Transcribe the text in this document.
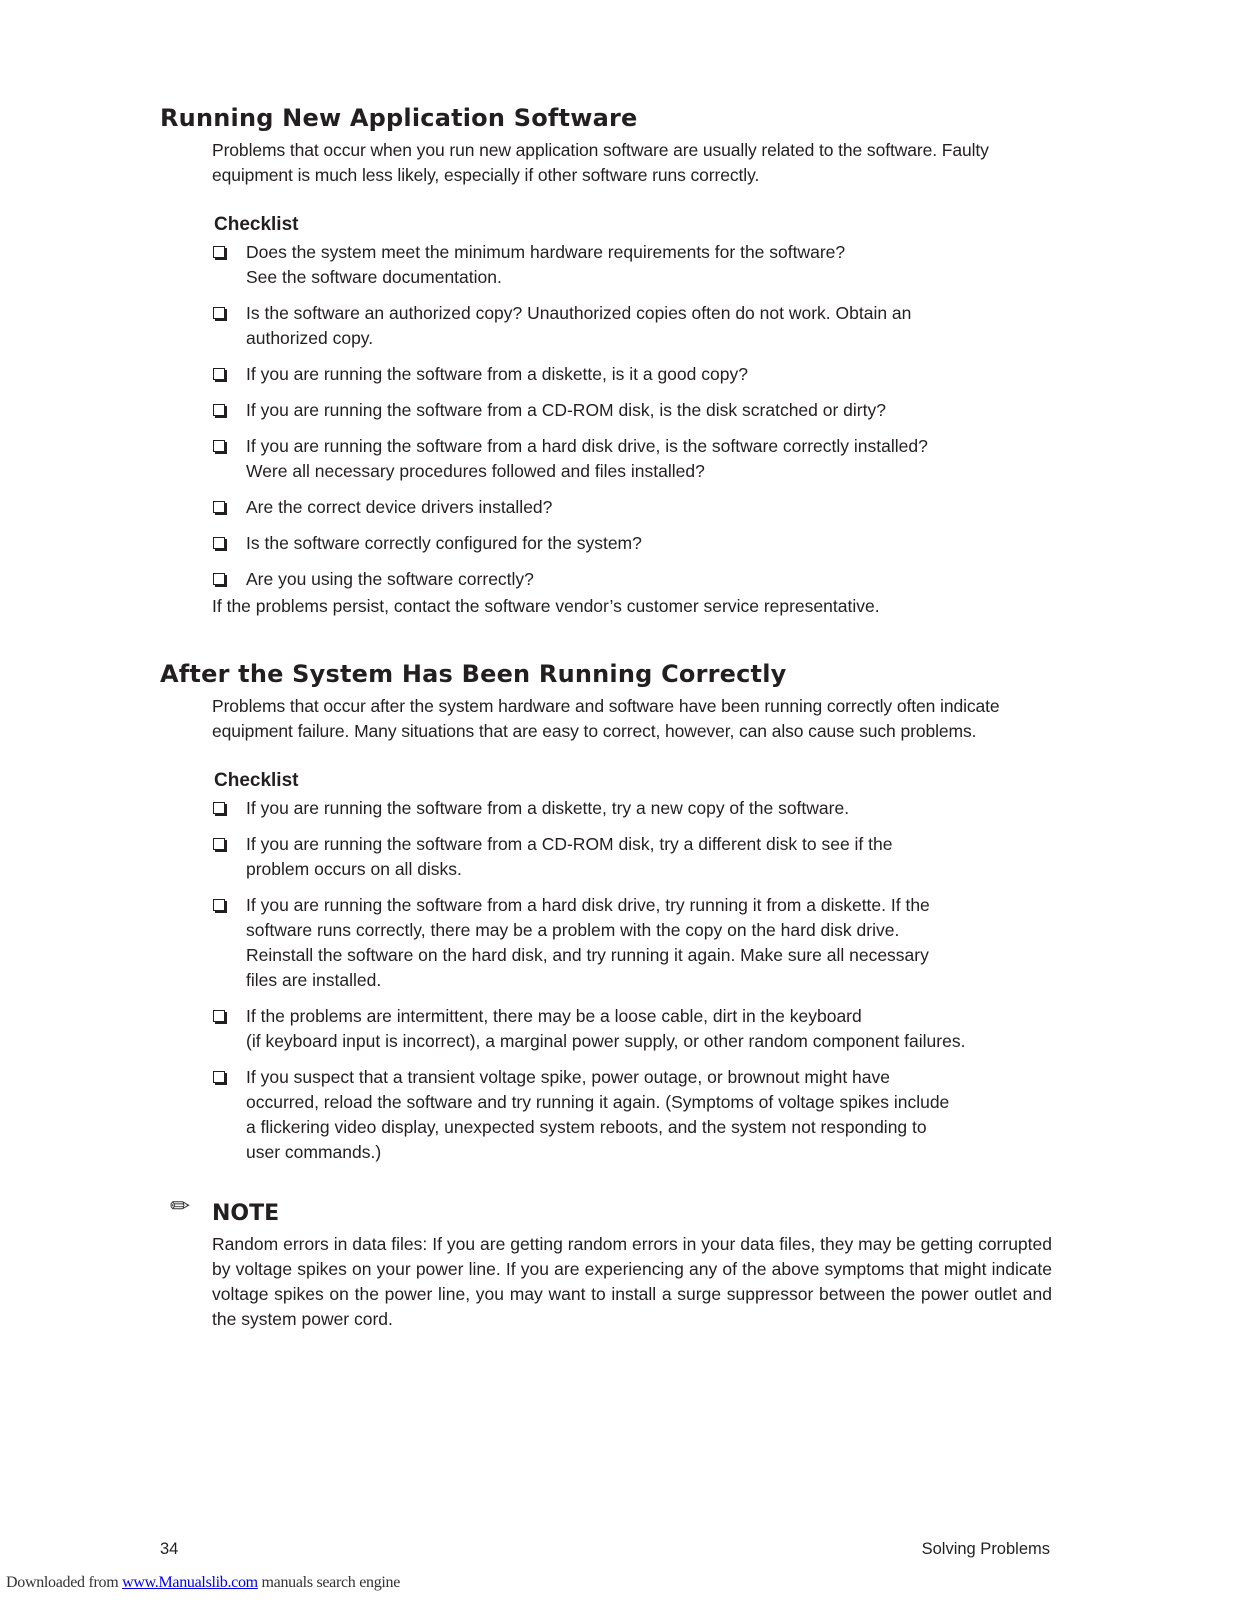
Running New Application Software

Problems that occur when you run new application software are usually related to the software. Faulty
equipment is much less likely, especially if other software runs correctly.

Checklist
Does the system meet the minimum hardware requirements for the software?
See the software documentation.
Is the software an authorized copy? Unauthorized copies often do not work. Obtain an
authorized copy.
If you are running the software from a diskette, is it a good copy?
If you are running the software from a CD-ROM disk, is the disk scratched or dirty?
If you are running the software from a hard disk drive, is the software correctly installed?
Were all necessary procedures followed and files installed?
Are the correct device drivers installed?
Is the software correctly configured for the system?
Are you using the software correctly?

If the problems persist, contact the software vendor’s customer service representative.

After the System Has Been Running Correctly

Problems that occur after the system hardware and software have been running correctly often indicate
equipment failure. Many situations that are easy to correct, however, can also cause such problems.

Checklist
If you are running the software from a diskette, try a new copy of the software.
If you are running the software from a CD-ROM disk, try a different disk to see if the
problem occurs on all disks.
If you are running the software from a hard disk drive, try running it from a diskette. If the
software runs correctly, there may be a problem with the copy on the hard disk drive.
Reinstall the software on the hard disk, and try running it again. Make sure all necessary
files are installed.
If the problems are intermittent, there may be a loose cable, dirt in the keyboard
(if keyboard input is incorrect), a marginal power supply, or other random component failures.
If you suspect that a transient voltage spike, power outage, or brownout might have
occurred, reload the software and try running it again. (Symptoms of voltage spikes include
a flickering video display, unexpected system reboots, and the system not responding to
user commands.)
✏ NOTE

Random errors in data files: If you are getting random errors in your data files, they may be getting corrupted by voltage spikes on your power line. If you are experiencing any of the above symptoms that might indicate voltage spikes on the power line, you may want to install a surge suppressor between the power outlet and the system power cord.

34	Solving Problems
Downloaded from www.Manualslib.com manuals search engine
